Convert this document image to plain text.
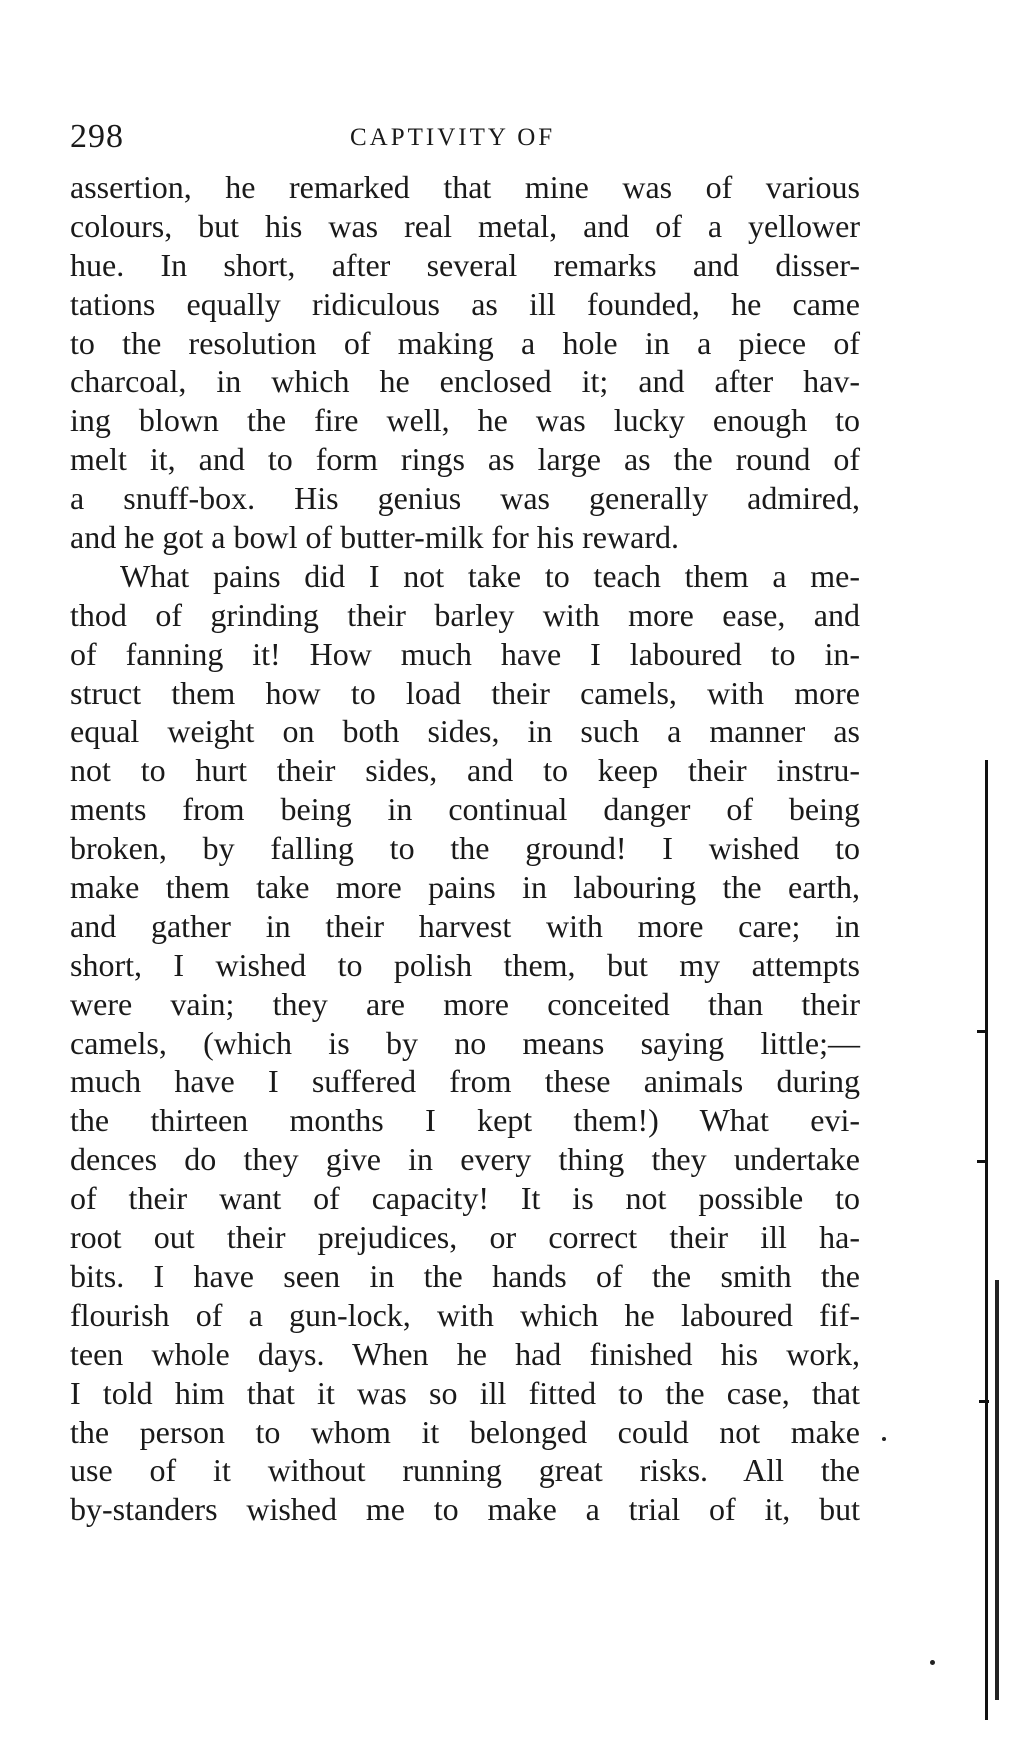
298	CAPTIVITY OF
assertion, he remarked that mine was of various
colours, but his was real metal, and of a yellower
hue. In short, after several remarks and disser-
tations equally ridiculous as ill founded, he came
to the resolution of making a hole in a piece of
charcoal, in which he enclosed it; and after hav-
ing blown the fire well, he was lucky enough to
melt it, and to form rings as large as the round of
a snuff-box. His genius was generally admired,
and he got a bowl of butter-milk for his reward.
What pains did I not take to teach them a me-
thod of grinding their barley with more ease, and
of fanning it! How much have I laboured to in-
struct them how to load their camels, with more
equal weight on both sides, in such a manner as
not to hurt their sides, and to keep their instru-
ments from being in continual danger of being
broken, by falling to the ground! I wished to
make them take more pains in labouring the earth,
and gather in their harvest with more care; in
short, I wished to polish them, but my attempts
were vain; they are more conceited than their
camels, (which is by no means saying little;—
much have I suffered from these animals during
the thirteen months I kept them!) What evi-
dences do they give in every thing they undertake
of their want of capacity! It is not possible to
root out their prejudices, or correct their ill ha-
bits. I have seen in the hands of the smith the
flourish of a gun-lock, with which he laboured fif-
teen whole days. When he had finished his work,
I told him that it was so ill fitted to the case, that
the person to whom it belonged could not make
use of it without running great risks. All the
by-standers wished me to make a trial of it, but
